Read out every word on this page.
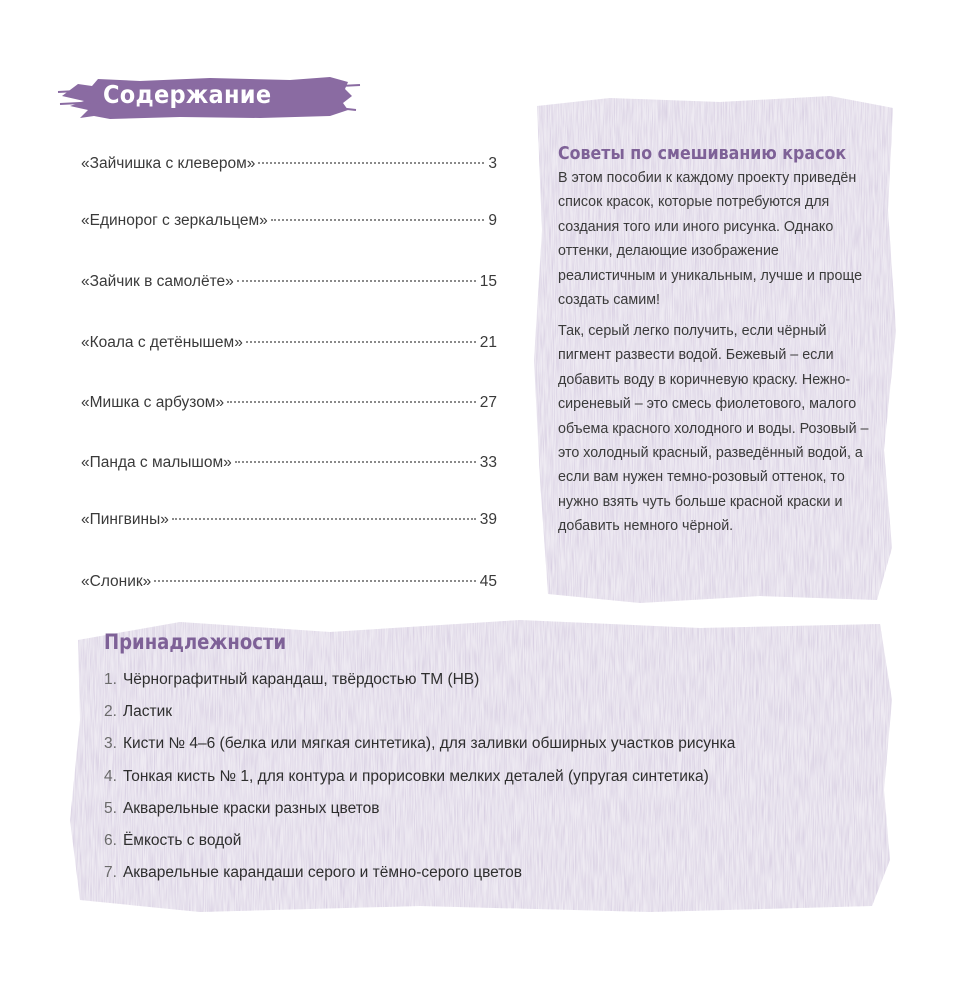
Содержание
«Зайчишка с клевером»	3
«Единорог с зеркальцем»	9
«Зайчик в самолёте»	15
«Коала с детёнышем»	21
«Мишка с арбузом»	27
«Панда с малышом»	33
«Пингвины»	39
«Слоник»	45
Советы по смешиванию красок
В этом пособии к каждому проекту приведён список красок, которые потребуются для создания того или иного рисунка. Однако оттенки, делающие изображение реалистичным и уникальным, лучше и проще создать самим!
Так, серый легко получить, если чёрный пигмент развести водой. Бежевый – если добавить воду в коричневую краску. Нежно-сиреневый – это смесь фиолетового, малого объема красного холодного и воды. Розовый – это холодный красный, разведённый водой, а если вам нужен темно-розовый оттенок, то нужно взять чуть больше красной краски и добавить немного чёрной.
Принадлежности
1. Чёрнографитный карандаш, твёрдостью ТМ (НВ)
2. Ластик
3. Кисти № 4–6 (белка или мягкая синтетика), для заливки обширных участков рисунка
4. Тонкая кисть № 1, для контура и прорисовки мелких деталей (упругая синтетика)
5. Акварельные краски разных цветов
6. Ёмкость с водой
7. Акварельные карандаши серого и тёмно-серого цветов
